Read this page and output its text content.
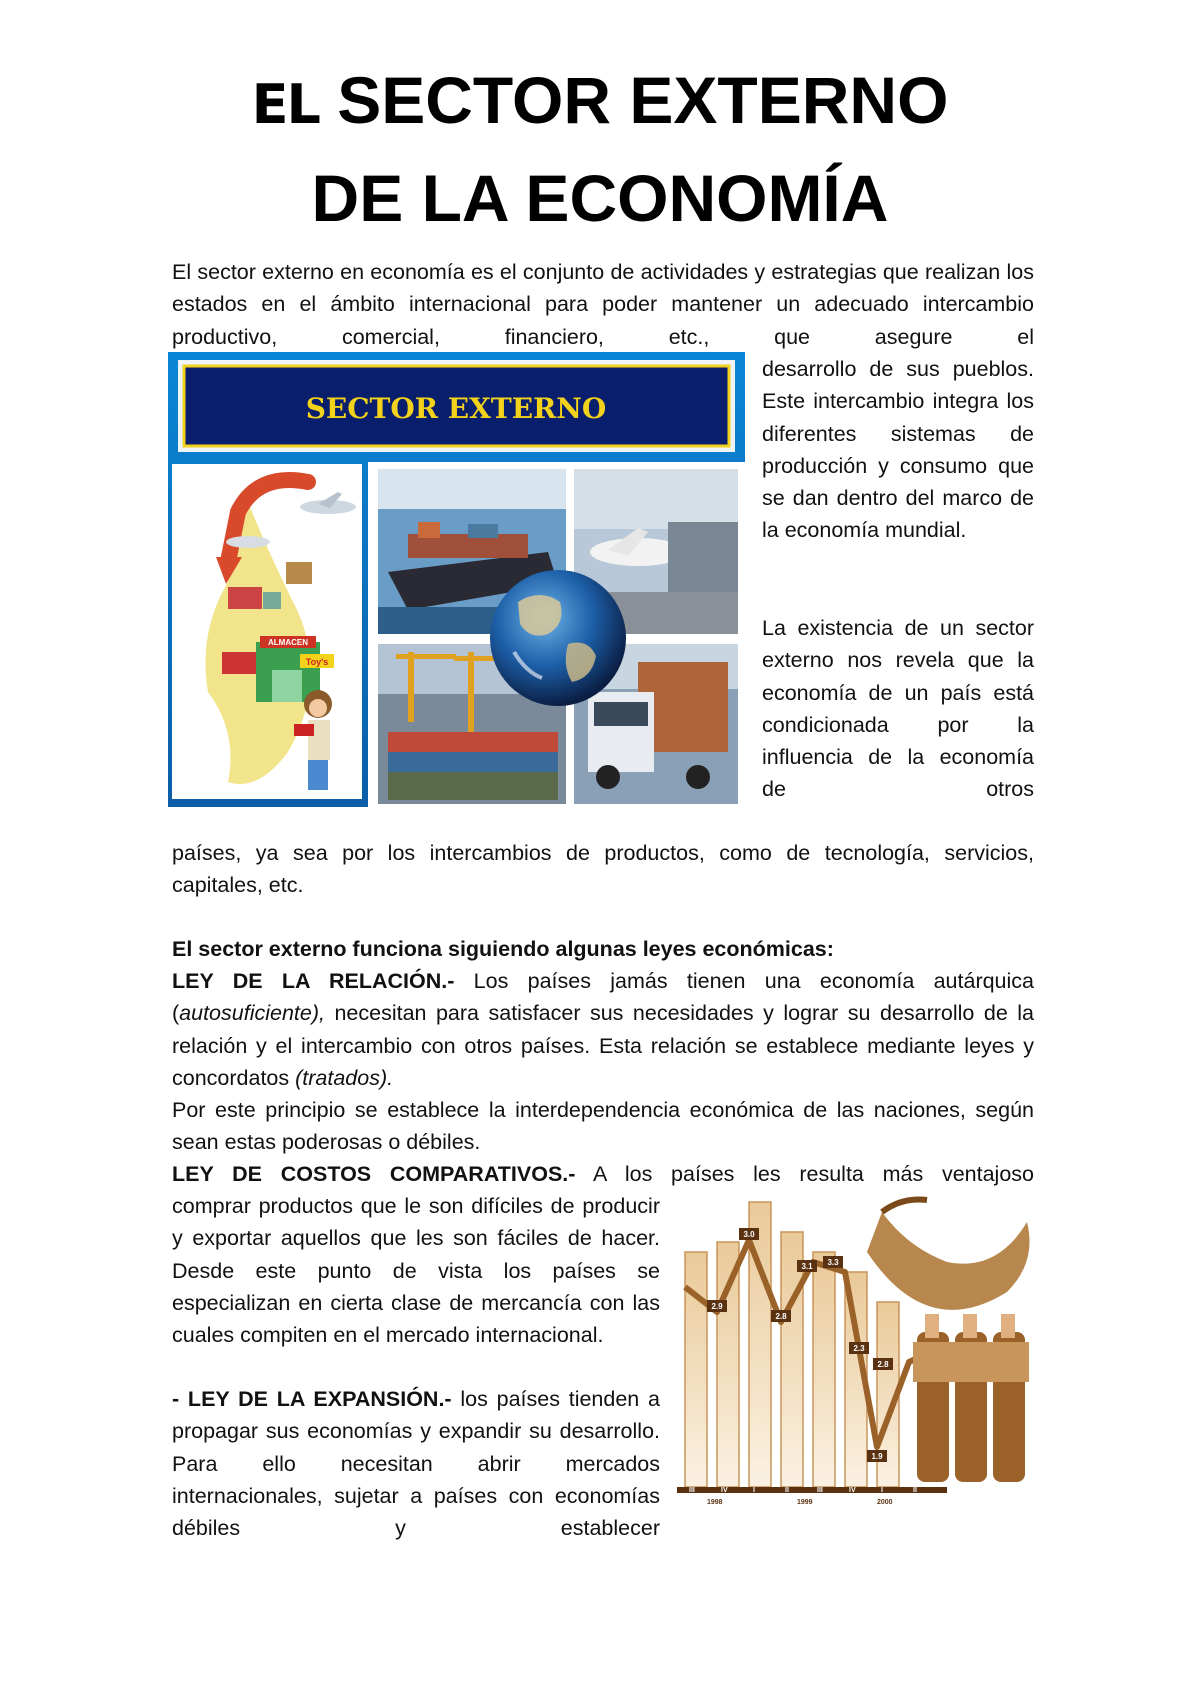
EL SECTOR EXTERNO
DE LA ECONOMÍA

El sector externo en economía es el conjunto de actividades y estrategias que realizan los estados en el ámbito internacional para poder mantener un adecuado intercambio productivo, comercial, financiero, etc., que asegure el

SECTOR EXTERNO
ALMACEN
Toy's

desarrollo de sus pueblos. Este intercambio integra los diferentes sistemas de producción y consumo que se dan dentro del marco de la economía mundial.

La existencia de un sector externo nos revela que la economía de un país está condicionada por la influencia de la economía de otros

países, ya sea por los intercambios de productos, como de tecnología, servicios, capitales, etc.

El sector externo funciona siguiendo algunas leyes económicas:

LEY DE LA RELACIÓN.- Los países jamás tienen una economía autárquica (autosuficiente), necesitan para satisfacer sus necesidades y lograr su desarrollo de la relación y el intercambio con otros países. Esta relación se establece mediante leyes y concordatos (tratados).

Por este principio se establece la interdependencia económica de las naciones, según sean estas poderosas o débiles.

LEY DE COSTOS COMPARATIVOS.- A los países les resulta más ventajoso

comprar productos que le son difíciles de producir y exportar aquellos que les son fáciles de hacer. Desde este punto de vista los países se especializan en cierta clase de mercancía con las cuales compiten en el mercado internacional.

- LEY DE LA EXPANSIÓN.- los países tienden a propagar sus economías y expandir su desarrollo. Para ello necesitan abrir mercados internacionales, sujetar a países con economías débiles y establecer

3.0
2.9
2.8
3.1 3.3
2.3
1.9
2.8
III	IV	I	II	III	IV	I	II
1998	1999	2000
